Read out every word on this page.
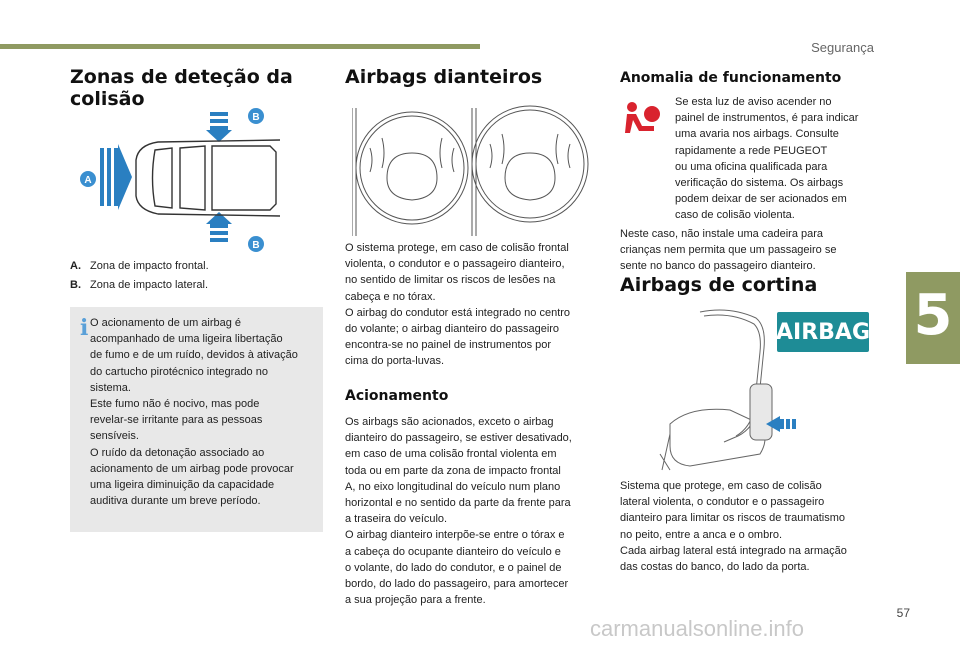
Segurança
5
57
Zonas de deteção da colisão
B
A
B
A. Zona de impacto frontal.
B. Zona de impacto lateral.
i O acionamento de um airbag é
acompanhado de uma ligeira libertação
de fumo e de um ruído, devidos à ativação
do cartucho pirotécnico integrado no
sistema.
Este fumo não é nocivo, mas pode
revelar-se irritante para as pessoas
sensíveis.
O ruído da detonação associado ao
acionamento de um airbag pode provocar
uma ligeira diminuição da capacidade
auditiva durante um breve período.

Airbags dianteiros

O sistema protege, em caso de colisão frontal
violenta, o condutor e o passageiro dianteiro,
no sentido de limitar os riscos de lesões na
cabeça e no tórax.
O airbag do condutor está integrado no centro
do volante; o airbag dianteiro do passageiro
encontra-se no painel de instrumentos por
cima do porta-luvas.

Acionamento

Os airbags são acionados, exceto o airbag
dianteiro do passageiro, se estiver desativado,
em caso de uma colisão frontal violenta em
toda ou em parte da zona de impacto frontal
A, no eixo longitudinal do veículo num plano
horizontal e no sentido da parte da frente para
a traseira do veículo.
O airbag dianteiro interpõe-se entre o tórax e
a cabeça do ocupante dianteiro do veículo e
o volante, do lado do condutor, e o painel de
bordo, do lado do passageiro, para amortecer
a sua projeção para a frente.

Anomalia de funcionamento

Se esta luz de aviso acender no
painel de instrumentos, é para indicar
uma avaria nos airbags. Consulte
rapidamente a rede PEUGEOT
ou uma oficina qualificada para
verificação do sistema. Os airbags
podem deixar de ser acionados em
caso de colisão violenta.

Neste caso, não instale uma cadeira para
crianças nem permita que um passageiro se
sente no banco do passageiro dianteiro.

Airbags de cortina
AIRBAG

Sistema que protege, em caso de colisão
lateral violenta, o condutor e o passageiro
dianteiro para limitar os riscos de traumatismo
no peito, entre a anca e o ombro.
Cada airbag lateral está integrado na armação
das costas do banco, do lado da porta.

carmanualsonline.info
